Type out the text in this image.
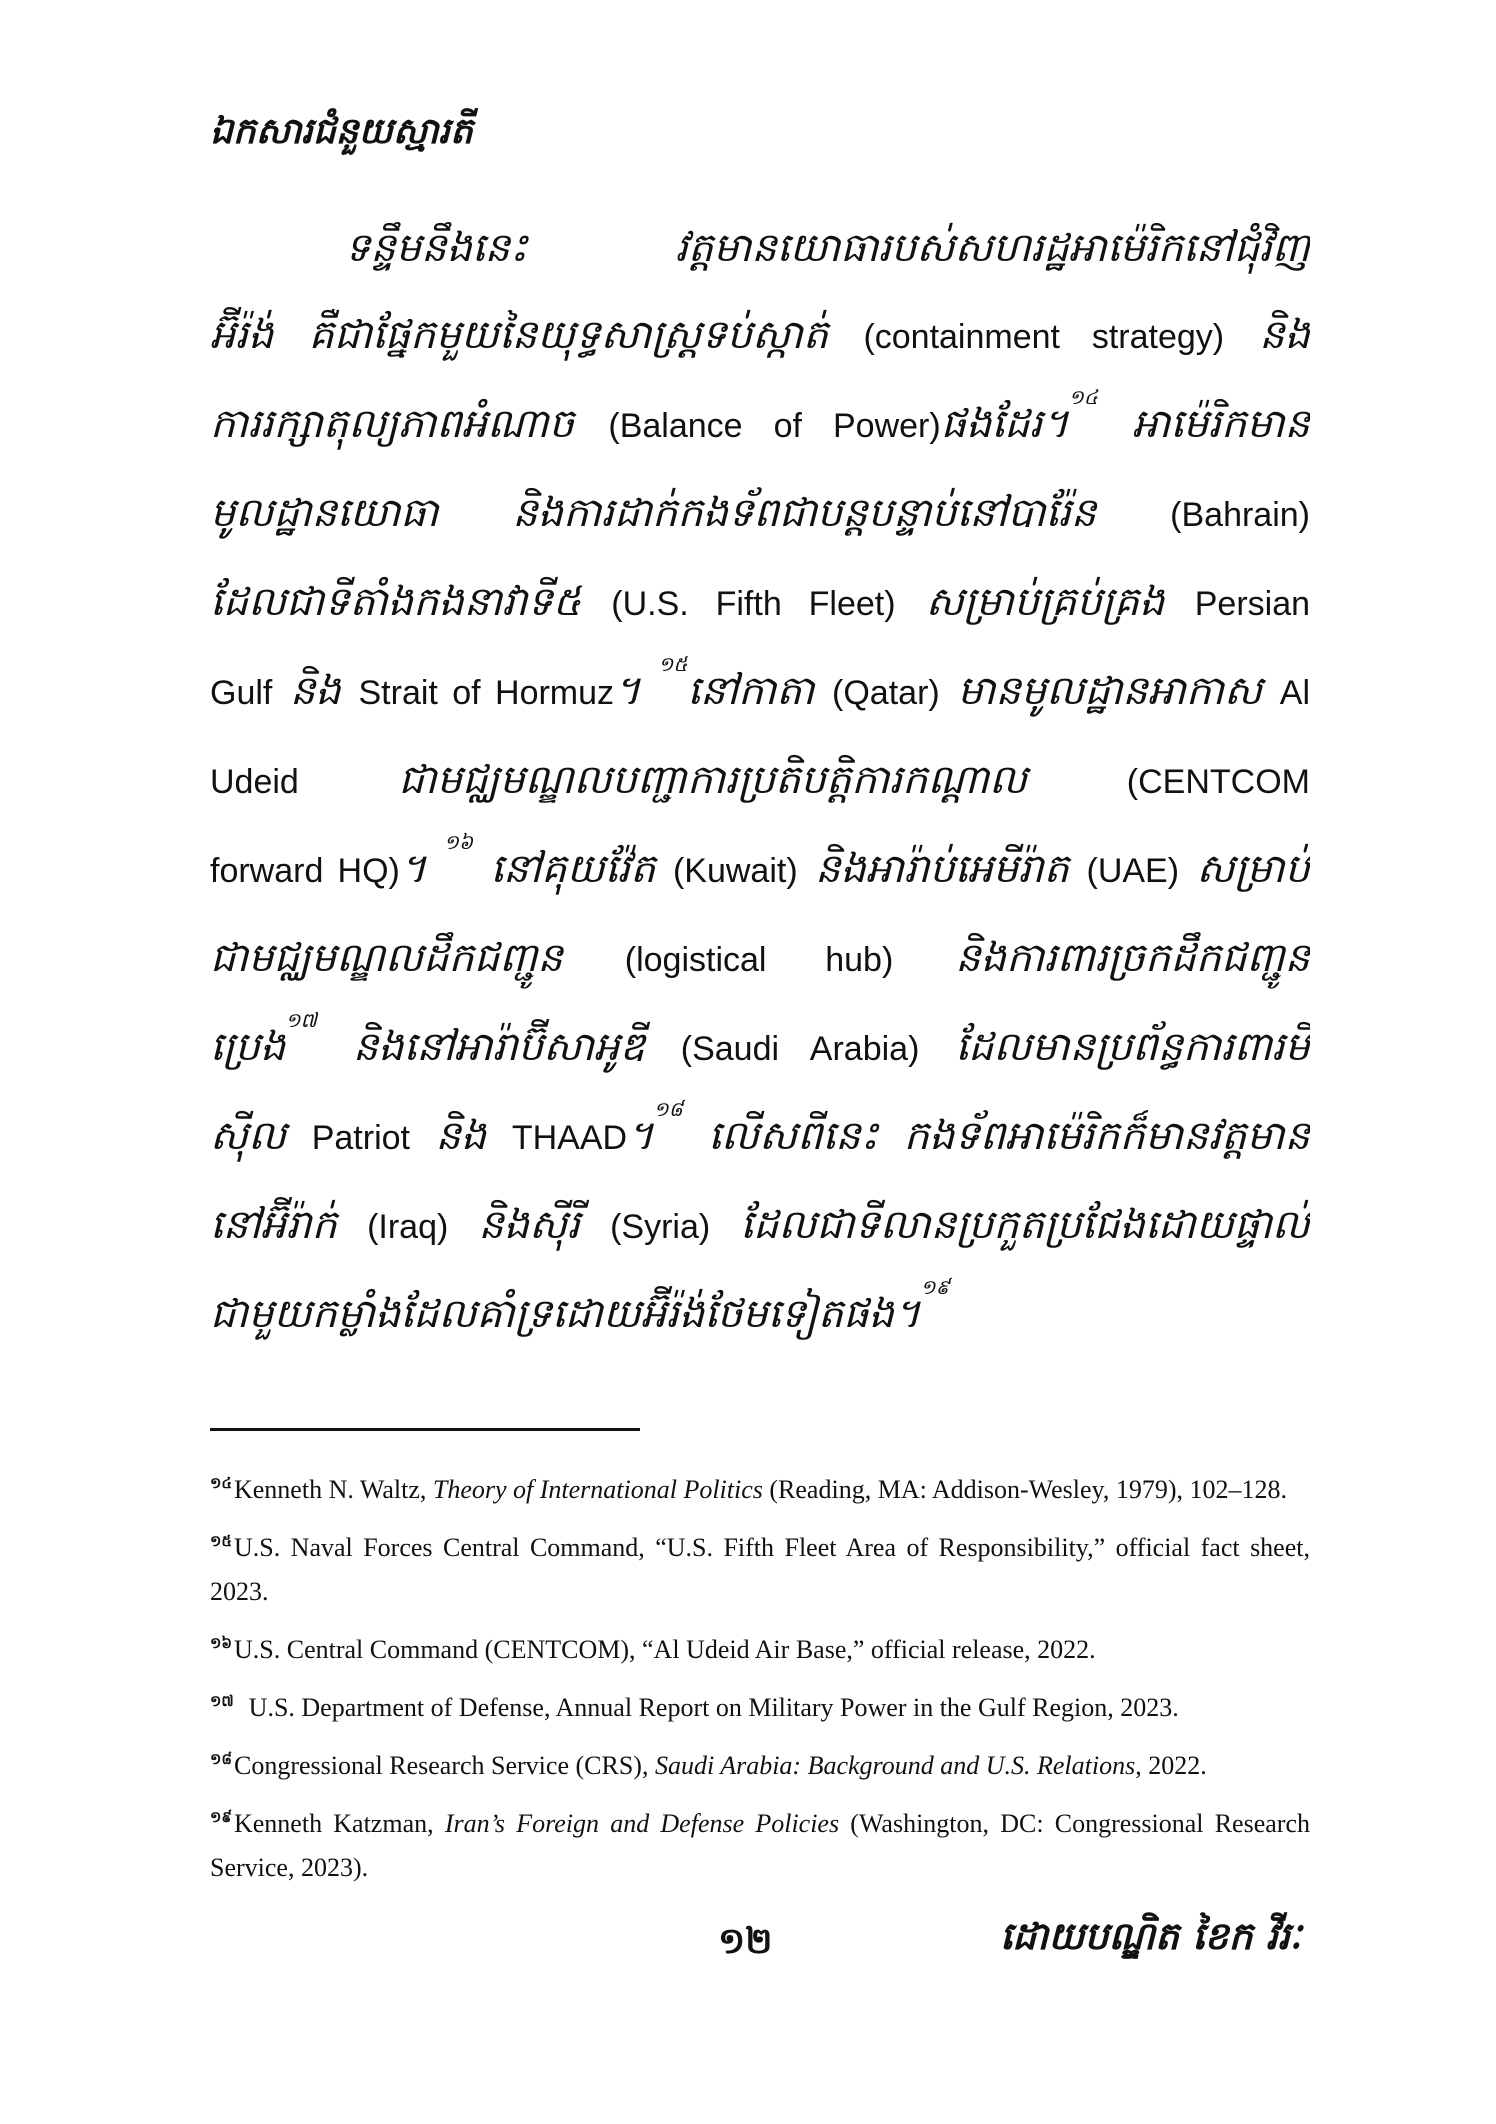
ឯកសារជំនួយស្មារតី
ទន្ទឹមនឹងនេះ វត្តមានយោធារបស់សហរដ្ឋអាម៉េរិកនៅជុំវិញ
អ៊ីរ៉ង់ គឺជាផ្នែកមួយនៃយុទ្ធសាស្ត្រទប់ស្កាត់ (containment strategy) និង
ការរក្សាតុល្យភាពអំណាច (Balance of Power)ផងដែរ។$^{១៤}$ អាម៉េរិកមាន
មូលដ្ឋានយោធា និងការដាក់កងទ័ពជាបន្តបន្ទាប់នៅបារ៉ែន (Bahrain)
ដែលជាទីតាំងកងនាវាទី៥ (U.S. Fifth Fleet) សម្រាប់គ្រប់គ្រង Persian
Gulf និង Strait of Hormuz។ $^{១៥}$នៅកាតា (Qatar) មានមូលដ្ឋានអាកាស Al
Udeid ជាមជ្ឈមណ្ឌលបញ្ជាការប្រតិបត្តិការកណ្តាល (CENTCOM
forward HQ)។ $^{១៦}$ នៅគុយវ៉ែត (Kuwait) និងអារ៉ាប់អេមីរ៉ាត (UAE) សម្រាប់
ជាមជ្ឈមណ្ឌលដឹកជញ្ជូន (logistical hub) និងការពារច្រកដឹកជញ្ជូន
ប្រេង$^{១៧}$ និងនៅអារ៉ាប៊ីសាអូឌី (Saudi Arabia) ដែលមានប្រព័ន្ធការពារមី
ស៊ីល Patriot និង THAAD។$^{១៨}$ លើសពីនេះ កងទ័ពអាម៉េរិកក៏មានវត្តមាន
នៅអ៊ីរ៉ាក់ (Iraq) និងស៊ីរី (Syria) ដែលជាទីលានប្រកួតប្រជែងដោយផ្ទាល់
ជាមួយកម្លាំងដែលគាំទ្រដោយអ៊ីរ៉ង់ថែមទៀតផង។$^{១៩}$

$^{១៤}$Kenneth N. Waltz, Theory of International Politics (Reading, MA: Addison-Wesley, 1979), 102–128.

$^{១៥}$U.S. Naval Forces Central Command, “U.S. Fifth Fleet Area of Responsibility,” official fact sheet, 2023.

$^{១៦}$U.S. Central Command (CENTCOM), “Al Udeid Air Base,” official release, 2022.

$^{១៧}$ U.S. Department of Defense, Annual Report on Military Power in the Gulf Region, 2023.

$^{១៨}$Congressional Research Service (CRS), Saudi Arabia: Background and U.S. Relations, 2022.

$^{១៩}$Kenneth Katzman, Iran’s Foreign and Defense Policies (Washington, DC: Congressional Research Service, 2023).

១២	ដោយបណ្ឌិត ខៃក វីរៈ
